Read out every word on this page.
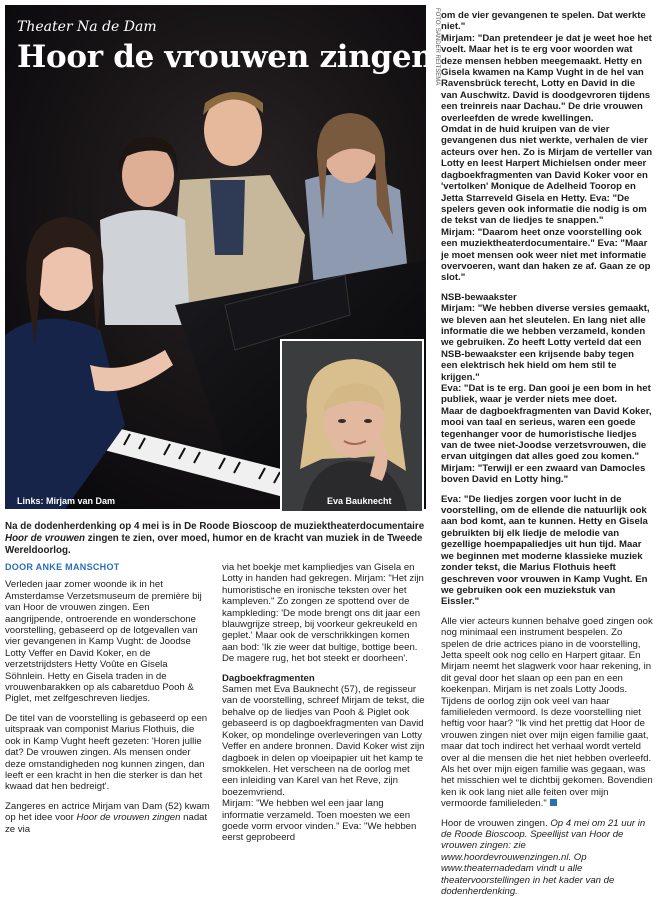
Theater Na de Dam
Hoor de vrouwen zingen
Links: Mirjam van Dam	Eva Bauknecht
FOTO: SANDER REITSEMA om de vier gevangenen te spelen. Dat werkte niet."

Mirjam: "Dan pretendeer je dat je weet hoe het voelt. Maar het is te erg voor woorden wat deze mensen hebben meegemaakt. Hetty en Gisela kwamen na Kamp Vught in de hel van Ravensbrück terecht, Lotty en David in die van Auschwitz. David is doodgevroren tijdens een treinreis naar Dachau." De drie vrouwen overleefden de wrede kwellingen.

Omdat in de huid kruipen van de vier gevangenen dus niet werkte, verhalen de vier acteurs over hen. Zo is Mirjam de verteller van Lotty en leest Harpert Michielsen onder meer dagboekfragmenten van David Koker voor en 'vertolken' Monique de Adelheid Toorop en Jetta Starreveld Gisela en Hetty. Eva: "De spelers geven ook informatie die nodig is om de tekst van de liedjes te snappen."

Mirjam: "Daarom heet onze voorstelling ook een muziektheaterdocumentaire." Eva: "Maar je moet mensen ook weer niet met informatie overvoeren, want dan haken ze af. Gaan ze op slot."

NSB-bewaakster

Mirjam: "We hebben diverse versies gemaakt, we bleven aan het sleutelen. En lang niet alle informatie die we hebben verzameld, konden we gebruiken. Zo heeft Lotty verteld dat een NSB-bewaakster een krijsende baby tegen een elektrisch hek hield om hem stil te krijgen."

Eva: "Dat is te erg. Dan gooi je een bom in het publiek, waar je verder niets mee doet.

Maar de dagboekfragmenten van David Koker, mooi van taal en serieus, waren een goede tegenhanger voor de humoristische liedjes van de twee niet-Joodse verzetsvrouwen, die ervan uitgingen dat alles goed zou komen." Mirjam: "Terwijl er een zwaard van Damocles boven David en Lotty hing."

Eva: "De liedjes zorgen voor lucht in de voorstelling, om de ellende die natuurlijk ook aan bod komt, aan te kunnen. Hetty en Gisela gebruikten bij elk liedje de melodie van gezellige hoempapaliedjes uit hun tijd. Maar we beginnen met moderne klassieke muziek zonder tekst, die Marius Flothuis heeft geschreven voor vrouwen in Kamp Vught. En we gebruiken ook een muziekstuk van Eissler."

Alle vier acteurs kunnen behalve goed zingen ook nog minimaal een instrument bespelen. Zo spelen de drie actrices piano in de voorstelling, Jetta speelt ook nog cello en Harpert gitaar. En Mirjam neemt het slagwerk voor haar rekening, in dit geval door het slaan op een pan en een koekenpan. Mirjam is net zoals Lotty Joods. Tijdens de oorlog zijn ook veel van haar familieleden vermoord. Is deze voorstelling niet heftig voor haar? "Ik vind het prettig dat Hoor de vrouwen zingen niet over mijn eigen familie gaat, maar dat toch indirect het verhaal wordt verteld over al die mensen die het niet hebben overleefd. Als het over mijn eigen familie was gegaan, was het misschien wel te dichtbij gekomen. Bovendien ken ik ook lang niet alle feiten over mijn vermoorde familieleden."

Hoor de vrouwen zingen. Op 4 mei om 21 uur in de Roode Bioscoop. Speellijst van Hoor de vrouwen zingen: zie www.hoordevrouwenzingen.nl. Op www.theaternadedam vindt u alle theatervoorstellingen in het kader van de dodenherdenking.

Na de dodenherdenking op 4 mei is in De Roode Bioscoop de muziektheaterdocumentaire Hoor de vrouwen zingen te zien, over moed, humor en de kracht van muziek in de Tweede Wereldoorlog.
DOOR ANKE MANSCHOT

Verleden jaar zomer woonde ik in het Amsterdamse Verzetsmuseum de première bij van Hoor de vrouwen zingen. Een aangrijpende, ontroerende en wonderschone voorstelling, gebaseerd op de lotgevallen van vier gevangenen in Kamp Vught: de Joodse Lotty Veffer en David Koker, en de verzetstrijdsters Hetty Voûte en Gisela Söhnlein. Hetty en Gisela traden in de vrouwenbarakken op als cabaretduo Pooh & Piglet, met zelfgeschreven liedjes.

De titel van de voorstelling is gebaseerd op een uitspraak van componist Marius Flothuis, die ook in Kamp Vught heeft gezeten: 'Horen jullie dat? De vrouwen zingen. Als mensen onder deze omstandigheden nog kunnen zingen, dan leeft er een kracht in hen die sterker is dan het kwaad dat hen bedreigt'.

Zangeres en actrice Mirjam van Dam (52) kwam op het idee voor Hoor de vrouwen zingen nadat ze via

via het boekje met kampliedjes van Gisela en Lotty in handen had gekregen. Mirjam: "Het zijn humoristische en ironische teksten over het kampleven." Zo zongen ze spottend over de kampkleding: 'De mode brengt ons dit jaar een blauwgrijze streep, bij voorkeur gekreukeld en geplet.' Maar ook de verschrikkingen komen aan bod: 'Ik zie weer dat bultige, bottige been. De magere rug, het bot steekt er doorheen'.

Dagboekfragmenten

Samen met Eva Bauknecht (57), de regisseur van de voorstelling, schreef Mirjam de tekst, die behalve op de liedjes van Pooh & Piglet ook gebaseerd is op dagboekfragmenten van David Koker, op mondelinge overleveringen van Lotty Veffer en andere bronnen. David Koker wist zijn dagboek in delen op vloeipapier uit het kamp te smokkelen. Het verscheen na de oorlog met een inleiding van Karel van het Reve, zijn boezemvriend.

Mirjam: "We hebben wel een jaar lang informatie verzameld. Toen moesten we een goede vorm ervoor vinden." Eva: "We hebben eerst geprobeerd
